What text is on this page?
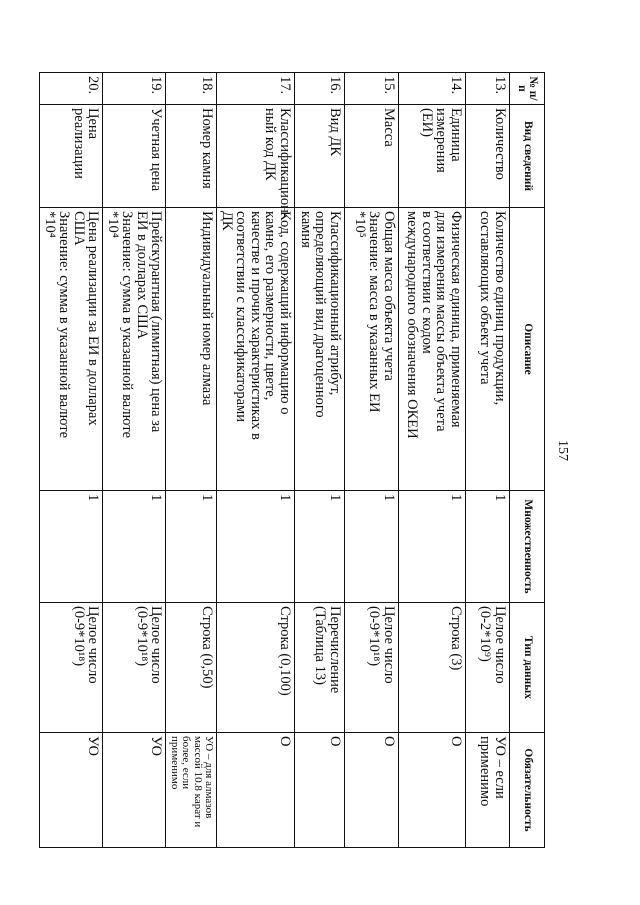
157
№ п/п	Вид сведений	Описание	Множественность	Тип данных	Обязательность
13.	Количество	Количество единиц продукции,
составляющих объект учета	1	Целое число
(0-2*10⁹)	УО – если
применимо

14.	Единица
измерения (ЕИ)	Физическая единица, применяемая
для измерения массы объекта учета
в соответствии с кодом
международного обозначения ОКЕИ	1	Строка (3)	О

15.	Масса	Общая масса объекта учета
Значение: масса в указанных ЕИ
*10⁵	1	Целое число
(0-9*10¹⁸)	О

16.	Вид ДК	Классификационный атрибут,
определяющий вид драгоценного
камня	1	Перечисление
(Таблица 13)	О

17.	Классификацион-
ный код ДК	Код, содержащий информацию о
камне, его размерности, цвете,
качестве и прочих характеристиках в
соответствии с классификаторами
ДК	1	Строка (0,100)	О

18.	Номер камня	Индивидуальный номер алмаза	1	Строка (0,50)	УО – для алмазов
массой 10.8 карат и
более, если
применимо

19.	Учетная цена	Прейскурантная (лимитная) цена за
ЕИ в долларах США
Значение: сумма в указанной валюте
*10⁴	1	Целое число
(0-9*10¹⁸)	УО

20.	Цена реализации	Цена реализации за ЕИ в долларах
США
Значение: сумма в указанной валюте
*10⁴	1	Целое число
(0-9*10¹⁸)	УО
